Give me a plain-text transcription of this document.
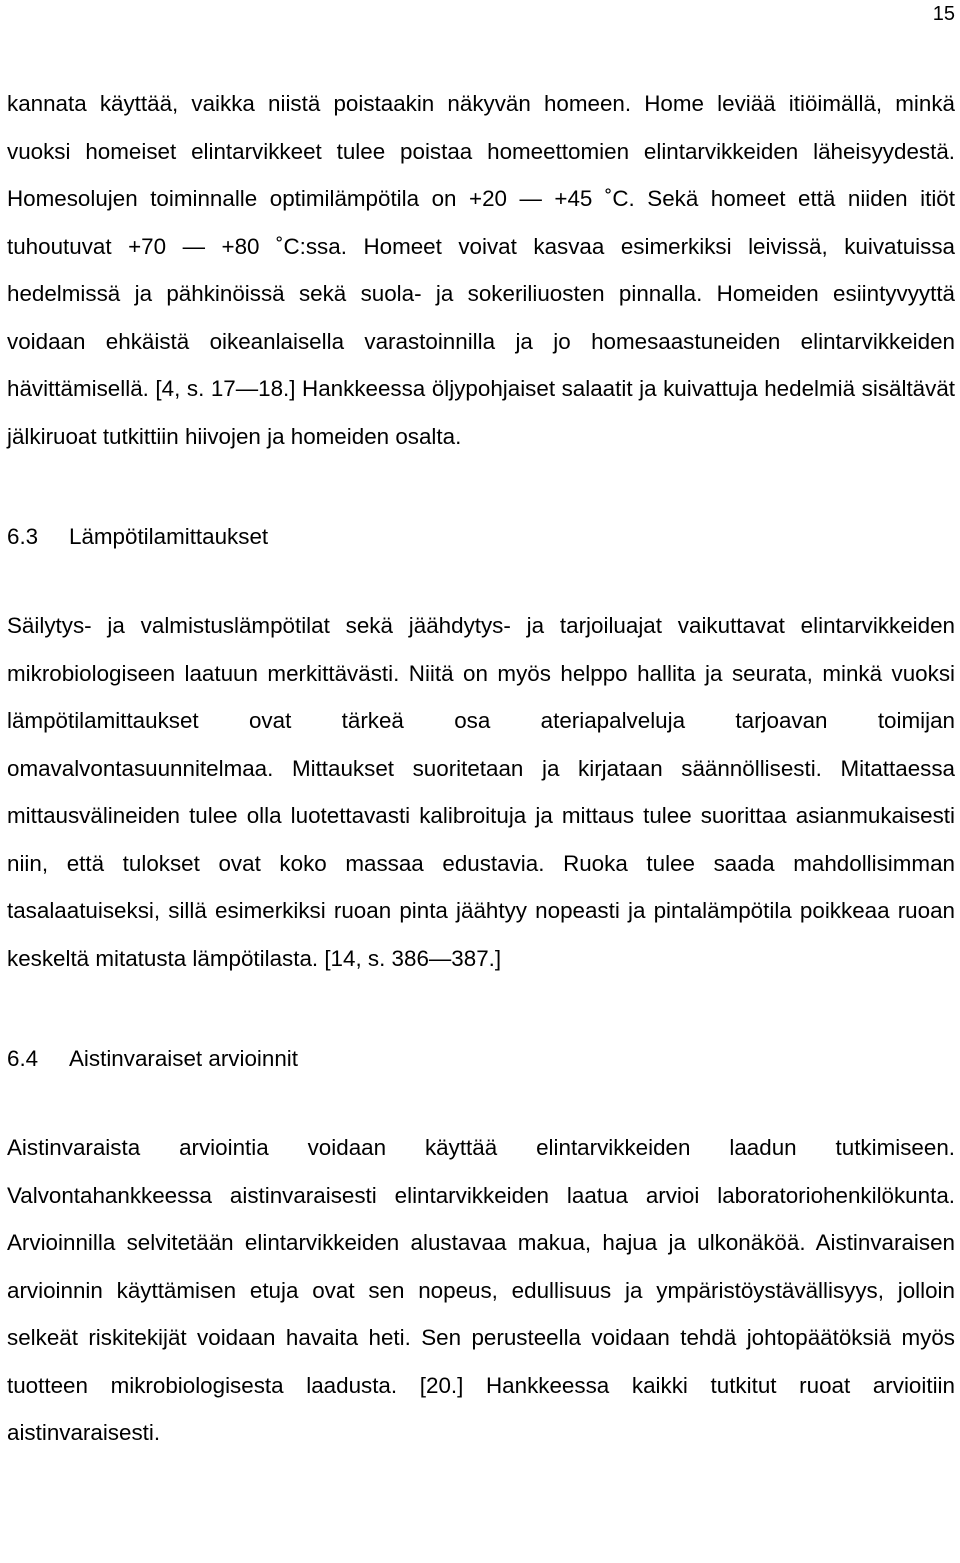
15

kannata käyttää, vaikka niistä poistaakin näkyvän homeen. Home leviää itiöimällä, minkä vuoksi homeiset elintarvikkeet tulee poistaa homeettomien elintarvikkeiden läheisyydestä. Homesolujen toiminnalle optimilämpötila on +20 — +45 ˚C. Sekä homeet että niiden itiöt tuhoutuvat +70 — +80 ˚C:ssa. Homeet voivat kasvaa esimerkiksi leivissä, kuivatuissa hedelmissä ja pähkinöissä sekä suola- ja sokeriliuosten pinnalla. Homeiden esiintyvyyttä voidaan ehkäistä oikeanlaisella varastoinnilla ja jo homesaastuneiden elintarvikkeiden hävittämisellä. [4, s. 17—18.] Hankkeessa öljypohjaiset salaatit ja kuivattuja hedelmiä sisältävät jälkiruoat tutkittiin hiivojen ja homeiden osalta.

6.3	Lämpötilamittaukset

Säilytys- ja valmistuslämpötilat sekä jäähdytys- ja tarjoiluajat vaikuttavat elintarvikkeiden mikrobiologiseen laatuun merkittävästi. Niitä on myös helppo hallita ja seurata, minkä vuoksi lämpötilamittaukset ovat tärkeä osa ateriapalveluja tarjoavan toimijan omavalvontasuunnitelmaa. Mittaukset suoritetaan ja kirjataan säännöllisesti. Mitattaessa mittausvälineiden tulee olla luotettavasti kalibroituja ja mittaus tulee suorittaa asianmukaisesti niin, että tulokset ovat koko massaa edustavia. Ruoka tulee saada mahdollisimman tasalaatuiseksi, sillä esimerkiksi ruoan pinta jäähtyy nopeasti ja pintalämpötila poikkeaa ruoan keskeltä mitatusta lämpötilasta. [14, s. 386—387.]

6.4	Aistinvaraiset arvioinnit

Aistinvaraista arviointia voidaan käyttää elintarvikkeiden laadun tutkimiseen. Valvontahankkeessa aistinvaraisesti elintarvikkeiden laatua arvioi laboratoriohenkilökunta. Arvioinnilla selvitetään elintarvikkeiden alustavaa makua, hajua ja ulkonäköä. Aistinvaraisen arvioinnin käyttämisen etuja ovat sen nopeus, edullisuus ja ympäristöystävällisyys, jolloin selkeät riskitekijät voidaan havaita heti. Sen perusteella voidaan tehdä johtopäätöksiä myös tuotteen mikrobiologisesta laadusta. [20.] Hankkeessa kaikki tutkitut ruoat arvioitiin aistinvaraisesti.
